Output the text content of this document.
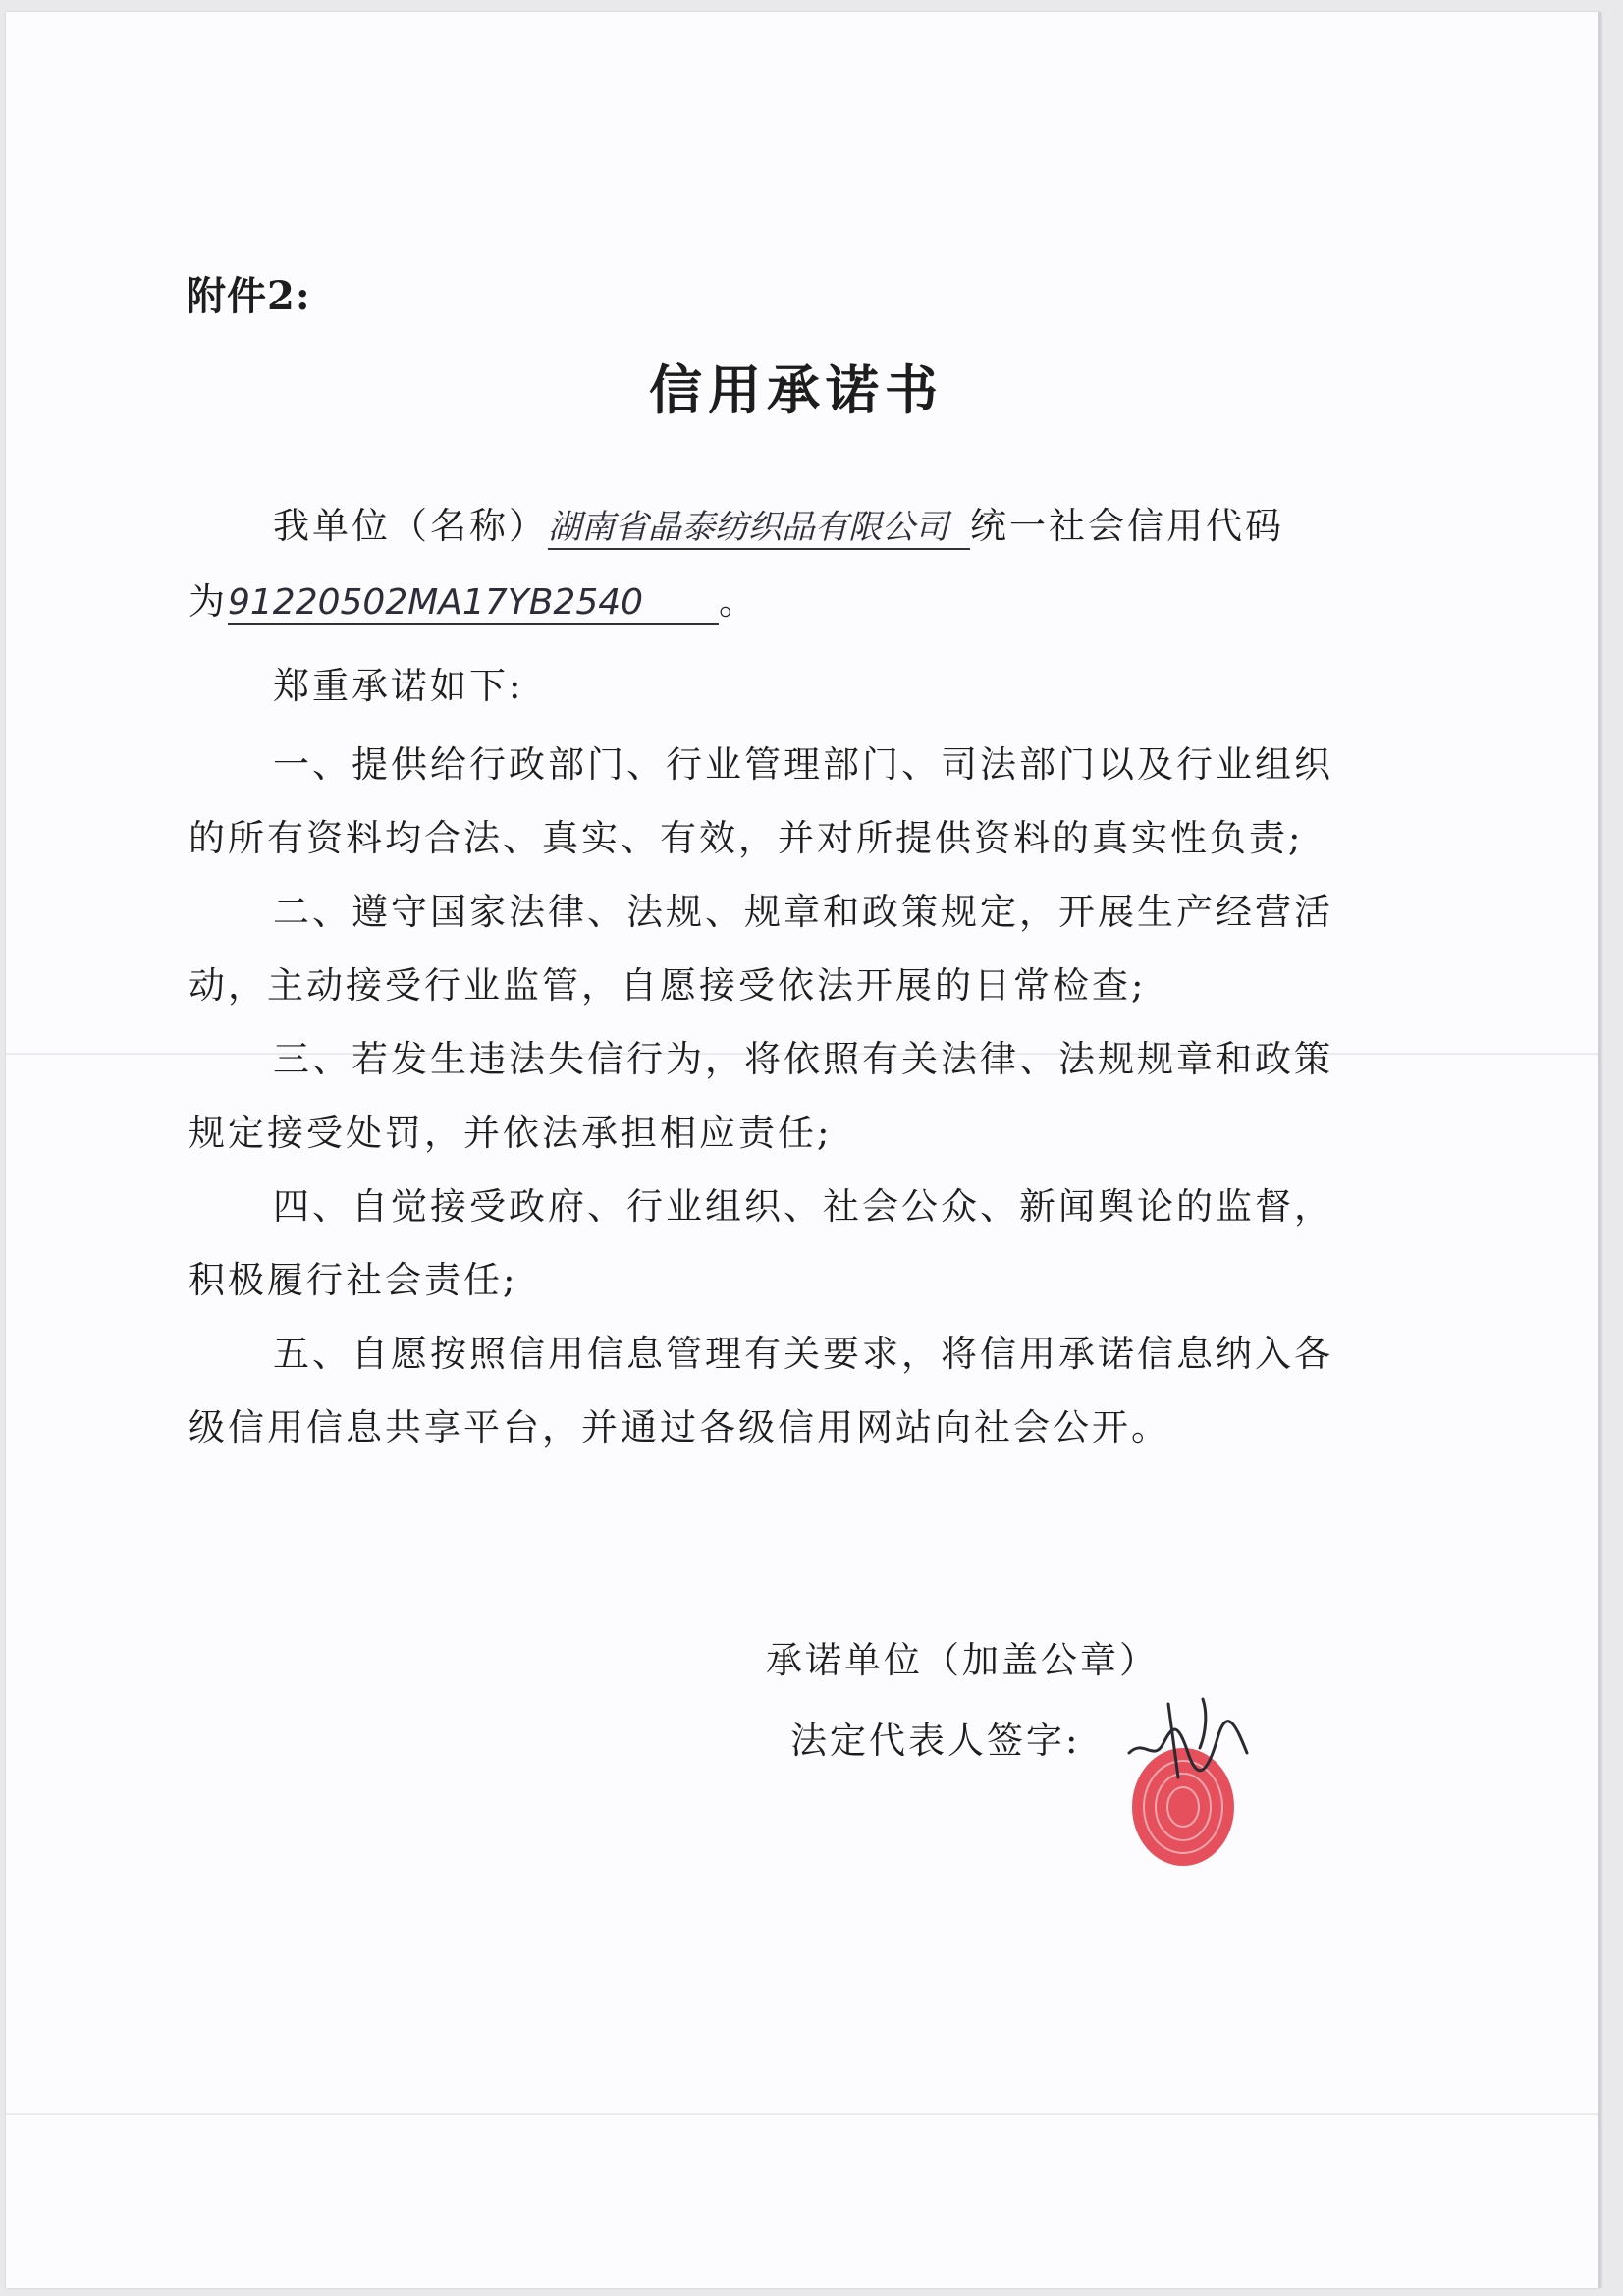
附件2:
信用承诺书
我单位（名称）湖南省晶泰纺织品有限公司 统一社会信用代码
为91220502MA17YB2540 。
郑重承诺如下:
一、提供给行政部门、行业管理部门、司法部门以及行业组织
的所有资料均合法、真实、有效，并对所提供资料的真实性负责;
二、遵守国家法律、法规、规章和政策规定，开展生产经营活
动，主动接受行业监管，自愿接受依法开展的日常检查;
三、若发生违法失信行为，将依照有关法律、法规规章和政策
规定接受处罚，并依法承担相应责任;
四、自觉接受政府、行业组织、社会公众、新闻舆论的监督，
积极履行社会责任;
五、自愿按照信用信息管理有关要求，将信用承诺信息纳入各
级信用信息共享平台，并通过各级信用网站向社会公开。
承诺单位（加盖公章）
法定代表人签字:
